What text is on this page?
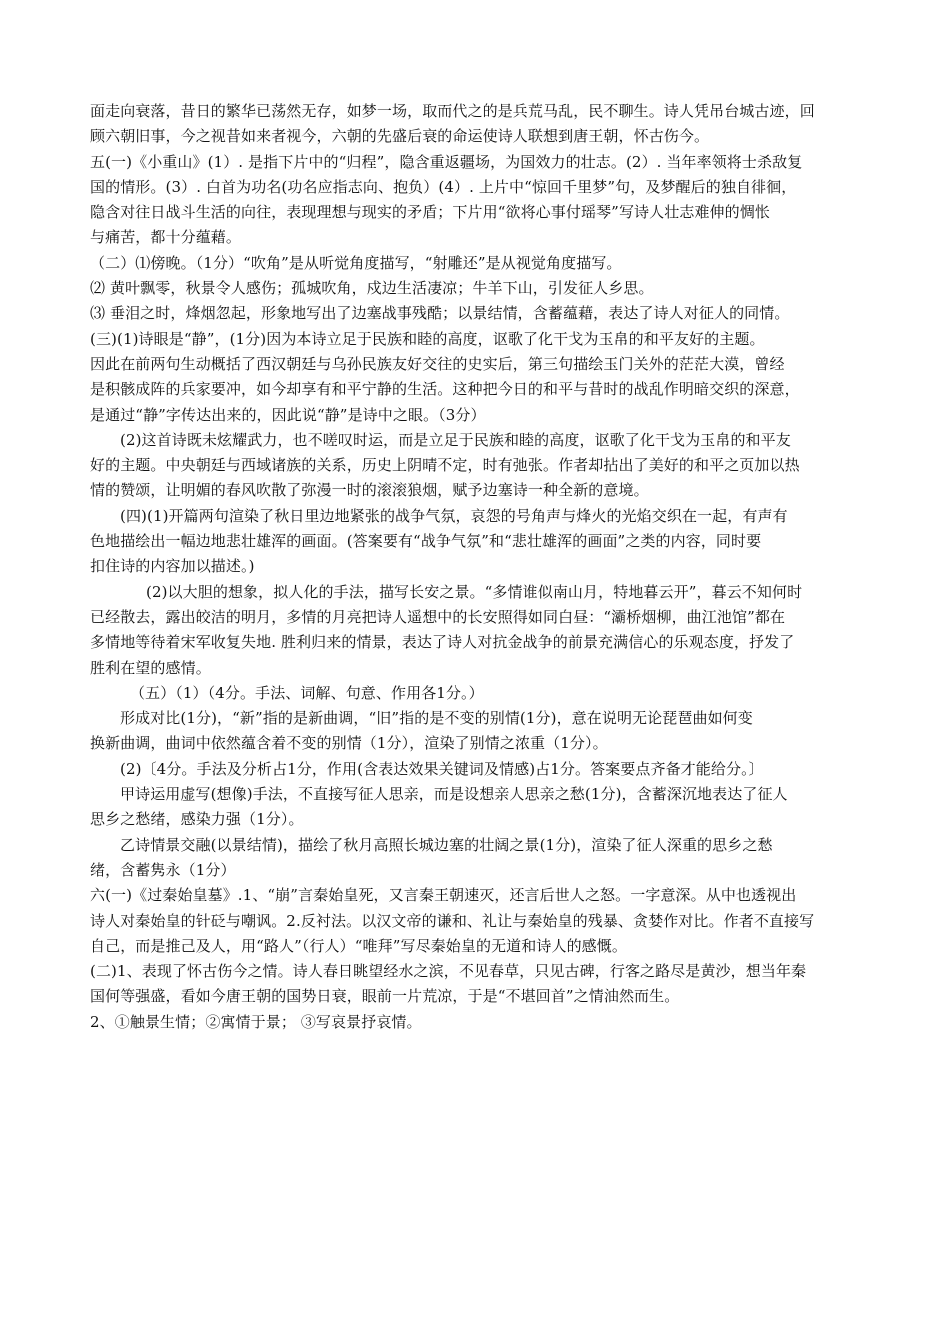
面走向衰落，昔日的繁华已荡然无存，如梦一场，取而代之的是兵荒马乱，民不聊生。诗人凭吊台城古迹，回
顾六朝旧事，今之视昔如来者视今，六朝的先盛后衰的命运使诗人联想到唐王朝，怀古伤今。
五(一)《小重山》(1）. 是指下片中的“归程”，隐含重返疆场，为国效力的壮志。(2）. 当年率领将士杀敌复
国的情形。(3）. 白首为功名(功名应指志向、抱负）(4）. 上片中“惊回千里梦”句，及梦醒后的独自徘徊，
隐含对往日战斗生活的向往，表现理想与现实的矛盾；下片用“欲将心事付瑶琴”写诗人壮志难伸的惆怅
与痛苦，都十分蕴藉。
（二）⑴傍晚。（1分）“吹角”是从听觉角度描写，“射雕还”是从视觉角度描写。
⑵ 黄叶飘零，秋景令人感伤；孤城吹角，戍边生活凄凉；牛羊下山，引发征人乡思。
⑶ 垂泪之时，烽烟忽起，形象地写出了边塞战事残酷；以景结情，含蓄蕴藉，表达了诗人对征人的同情。
(三)(1)诗眼是“静”，(1分)因为本诗立足于民族和睦的高度，讴歌了化干戈为玉帛的和平友好的主题。
因此在前两句生动概括了西汉朝廷与乌孙民族友好交往的史实后，第三句描绘玉门关外的茫茫大漠，曾经
是积骸成阵的兵家要冲，如今却享有和平宁静的生活。这种把今日的和平与昔时的战乱作明暗交织的深意，
是通过“静”字传达出来的，因此说“静”是诗中之眼。（3分）
(2)这首诗既未炫耀武力，也不嗟叹时运，而是立足于民族和睦的高度，讴歌了化干戈为玉帛的和平友
好的主题。中央朝廷与西域诸族的关系，历史上阴晴不定，时有弛张。作者却拈出了美好的和平之页加以热
情的赞颂，让明媚的春风吹散了弥漫一时的滚滚狼烟，赋予边塞诗一种全新的意境。
(四)(1)开篇两句渲染了秋日里边地紧张的战争气氛，哀怨的号角声与烽火的光焰交织在一起，有声有
色地描绘出一幅边地悲壮雄浑的画面。(答案要有“战争气氛”和“悲壮雄浑的画面”之类的内容，同时要
扣住诗的内容加以描述。)
(2)以大胆的想象，拟人化的手法，描写长安之景。“多情谁似南山月，特地暮云开”，暮云不知何时
已经散去，露出皎洁的明月，多情的月亮把诗人遥想中的长安照得如同白昼：“灞桥烟柳，曲江池馆”都在
多情地等待着宋军收复失地. 胜利归来的情景，表达了诗人对抗金战争的前景充满信心的乐观态度，抒发了
胜利在望的感情。
（五）（1）（4分。手法、词解、句意、作用各1分。）
形成对比(1分)，“新”指的是新曲调，“旧”指的是不变的别情(1分)，意在说明无论琵琶曲如何变
换新曲调，曲词中依然蕴含着不变的别情（1分），渲染了别情之浓重（1分）。
(2)〔4分。手法及分析占1分，作用(含表达效果关键词及情感)占1分。答案要点齐备才能给分。〕
甲诗运用虚写(想像)手法，不直接写征人思亲，而是设想亲人思亲之愁(1分)，含蓄深沉地表达了征人
思乡之愁绪，感染力强（1分）。
乙诗情景交融(以景结情)，描绘了秋月高照长城边塞的壮阔之景(1分)，渲染了征人深重的思乡之愁
绪，含蓄隽永（1分）
六(一)《过秦始皇墓》.1、“崩”言秦始皇死，又言秦王朝速灭，还言后世人之怒。一字意深。从中也透视出
诗人对秦始皇的针砭与嘲讽。2.反衬法。以汉文帝的谦和、礼让与秦始皇的残暴、贪婪作对比。作者不直接写
自己，而是推己及人，用“路人”（行人）“唯拜”写尽秦始皇的无道和诗人的感慨。
(二)1、表现了怀古伤今之情。诗人春日眺望经水之滨，不见春草，只见古碑，行客之路尽是黄沙，想当年秦
国何等强盛，看如今唐王朝的国势日衰，眼前一片荒凉，于是“不堪回首”之情油然而生。
2、①触景生情；②寓情于景； ③写哀景抒哀情。
